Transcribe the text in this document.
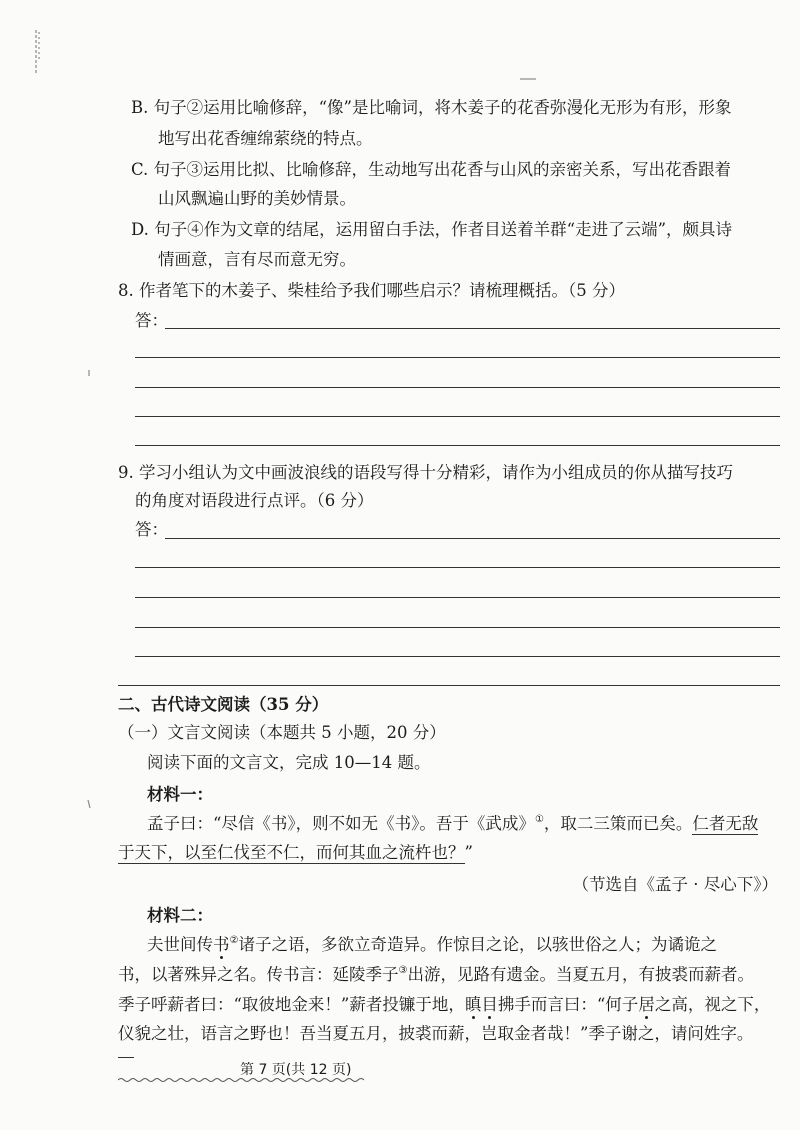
B. 句子②运用比喻修辞，“像”是比喻词，将木姜子的花香弥漫化无形为有形，形象
地写出花香缠绵萦绕的特点。
C. 句子③运用比拟、比喻修辞，生动地写出花香与山风的亲密关系，写出花香跟着
山风飘遍山野的美妙情景。
D. 句子④作为文章的结尾，运用留白手法，作者目送着羊群“走进了云端”，颇具诗
情画意，言有尽而意无穷。
8. 作者笔下的木姜子、柴桂给予我们哪些启示？请梳理概括。（5 分）
答：
9. 学习小组认为文中画波浪线的语段写得十分精彩，请作为小组成员的你从描写技巧
的角度对语段进行点评。（6 分）
答：
二、古代诗文阅读（35 分）
（一）文言文阅读（本题共 5 小题，20 分）
阅读下面的文言文，完成 10—14 题。
材料一：
孟子曰：“尽信《书》，则不如无《书》。吾于《武成》①，取二三策而已矣。仁者无敌
于天下，以至仁伐至不仁，而何其血之流杵也？”
（节选自《孟子 · 尽心下》）
材料二：
夫世间传书②诸子之语，多欲立奇造异。作惊目之论，以骇世俗之人；为谲诡之
书，以著殊异之名。传书言：延陵季子③出游，见路有遗金。当夏五月，有披裘而薪者。
季子呼薪者曰：“取彼地金来！”薪者投镰于地，瞋目拂手而言曰：“何子居之高，视之下，
仪貌之壮，语言之野也！吾当夏五月，披裘而薪，岂取金者哉！”季子谢之，请问姓字。
第 7 页(共 12 页)
